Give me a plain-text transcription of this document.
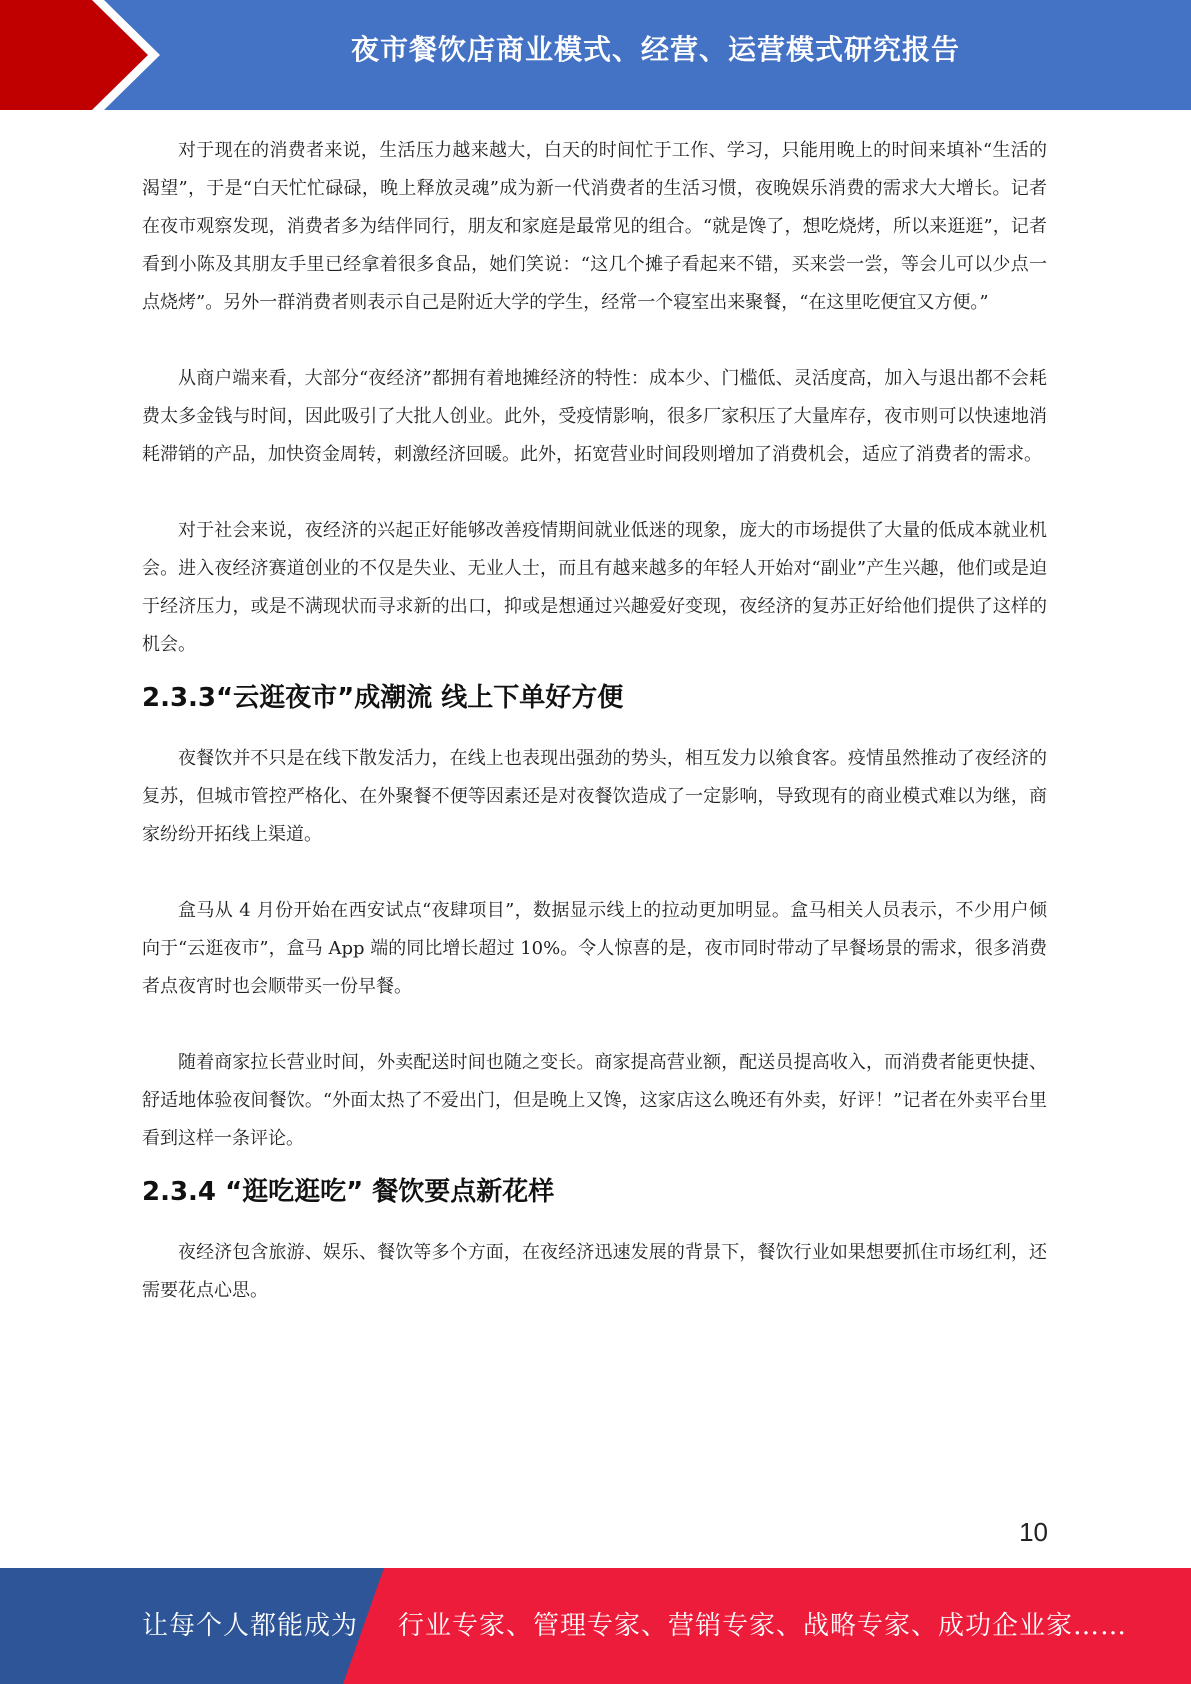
夜市餐饮店商业模式、经营、运营模式研究报告

对于现在的消费者来说，生活压力越来越大，白天的时间忙于工作、学习，只能用晚上的时间来填补“生活的渴望”，于是“白天忙忙碌碌，晚上释放灵魂”成为新一代消费者的生活习惯，夜晚娱乐消费的需求大大增长。记者在夜市观察发现，消费者多为结伴同行，朋友和家庭是最常见的组合。“就是馋了，想吃烧烤，所以来逛逛”，记者看到小陈及其朋友手里已经拿着很多食品，她们笑说：“这几个摊子看起来不错，买来尝一尝，等会儿可以少点一点烧烤”。另外一群消费者则表示自己是附近大学的学生，经常一个寝室出来聚餐，“在这里吃便宜又方便。”

从商户端来看，大部分“夜经济”都拥有着地摊经济的特性：成本少、门槛低、灵活度高，加入与退出都不会耗费太多金钱与时间，因此吸引了大批人创业。此外，受疫情影响，很多厂家积压了大量库存，夜市则可以快速地消耗滞销的产品，加快资金周转，刺激经济回暖。此外，拓宽营业时间段则增加了消费机会，适应了消费者的需求。

对于社会来说，夜经济的兴起正好能够改善疫情期间就业低迷的现象，庞大的市场提供了大量的低成本就业机会。进入夜经济赛道创业的不仅是失业、无业人士，而且有越来越多的年轻人开始对“副业”产生兴趣，他们或是迫于经济压力，或是不满现状而寻求新的出口，抑或是想通过兴趣爱好变现，夜经济的复苏正好给他们提供了这样的机会。

2.3.3“云逛夜市”成潮流 线上下单好方便

夜餐饮并不只是在线下散发活力，在线上也表现出强劲的势头，相互发力以飨食客。疫情虽然推动了夜经济的复苏，但城市管控严格化、在外聚餐不便等因素还是对夜餐饮造成了一定影响，导致现有的商业模式难以为继，商家纷纷开拓线上渠道。

盒马从 4 月份开始在西安试点“夜肆项目”，数据显示线上的拉动更加明显。盒马相关人员表示，不少用户倾向于“云逛夜市”，盒马 App 端的同比增长超过 10%。令人惊喜的是，夜市同时带动了早餐场景的需求，很多消费者点夜宵时也会顺带买一份早餐。

随着商家拉长营业时间，外卖配送时间也随之变长。商家提高营业额，配送员提高收入，而消费者能更快捷、舒适地体验夜间餐饮。“外面太热了不爱出门，但是晚上又馋，这家店这么晚还有外卖，好评！”记者在外卖平台里看到这样一条评论。

2.3.4 “逛吃逛吃” 餐饮要点新花样

夜经济包含旅游、娱乐、餐饮等多个方面，在夜经济迅速发展的背景下，餐饮行业如果想要抓住市场红利，还需要花点心思。

10
让每个人都能成为 行业专家、管理专家、营销专家、战略专家、成功企业家……
